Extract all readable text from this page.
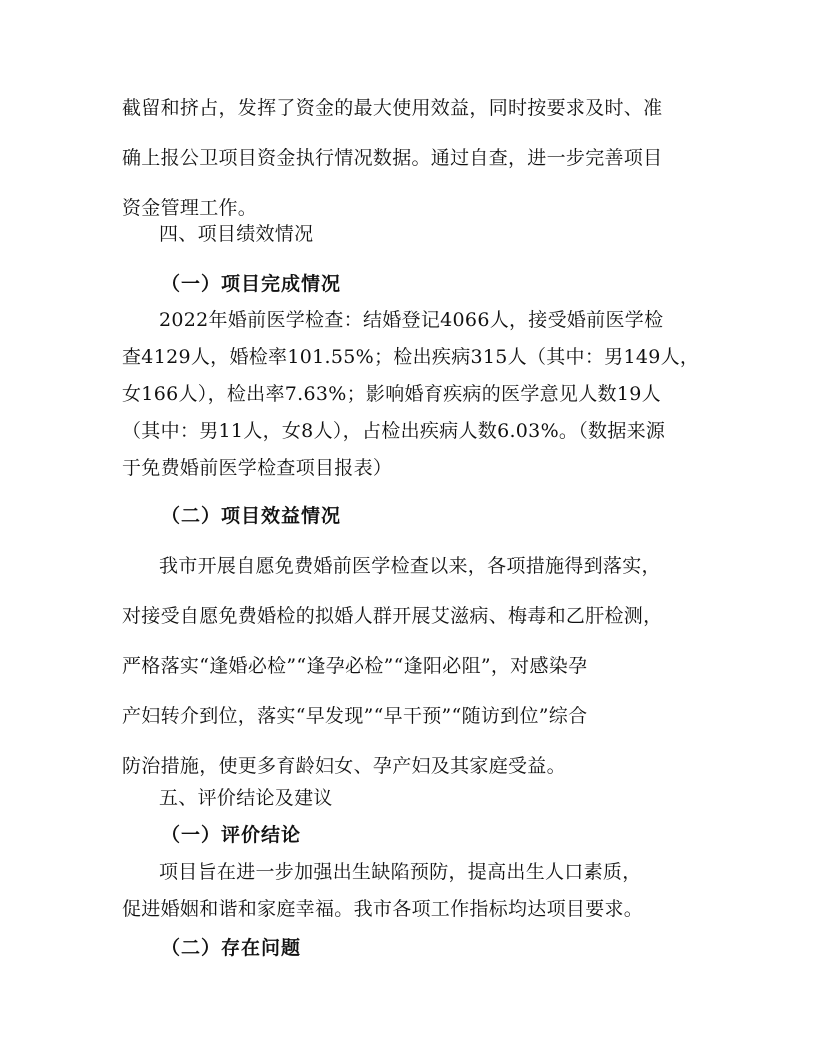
截留和挤占，发挥了资金的最大使用效益，同时按要求及时、准
确上报公卫项目资金执行情况数据。通过自查，进一步完善项目
资金管理工作。
四、项目绩效情况
（一）项目完成情况
2022年婚前医学检查：结婚登记4066人，接受婚前医学检
查4129人，婚检率101.55%；检出疾病315人（其中：男149人，
女166人），检出率7.63%；影响婚育疾病的医学意见人数19人
（其中：男11人，女8人），占检出疾病人数6.03%。（数据来源
于免费婚前医学检查项目报表）
（二）项目效益情况
我市开展自愿免费婚前医学检查以来，各项措施得到落实，
对接受自愿免费婚检的拟婚人群开展艾滋病、梅毒和乙肝检测，
严格落实“逢婚必检”“逢孕必检”“逢阳必阻”，对感染孕
产妇转介到位，落实“早发现”“早干预”“随访到位”综合
防治措施，使更多育龄妇女、孕产妇及其家庭受益。
五、评价结论及建议
（一）评价结论
项目旨在进一步加强出生缺陷预防，提高出生人口素质，
促进婚姻和谐和家庭幸福。我市各项工作指标均达项目要求。
（二）存在问题
